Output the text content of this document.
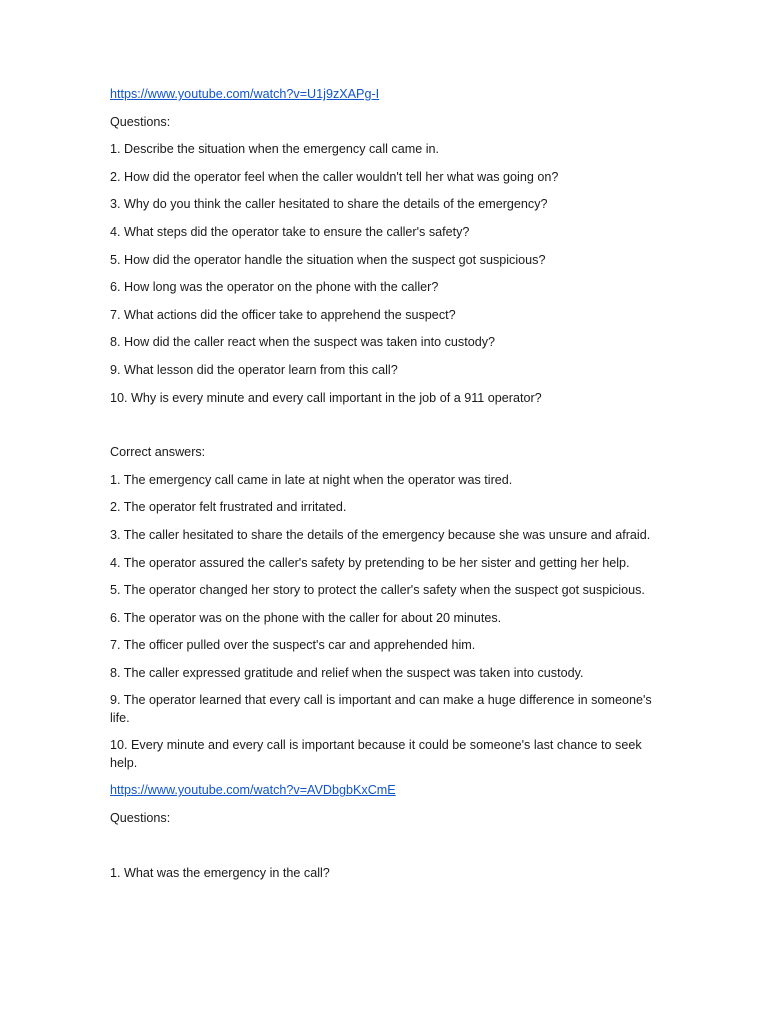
https://www.youtube.com/watch?v=U1j9zXAPg-I

Questions:

1. Describe the situation when the emergency call came in.

2. How did the operator feel when the caller wouldn't tell her what was going on?

3. Why do you think the caller hesitated to share the details of the emergency?

4. What steps did the operator take to ensure the caller's safety?

5. How did the operator handle the situation when the suspect got suspicious?

6. How long was the operator on the phone with the caller?

7. What actions did the officer take to apprehend the suspect?

8. How did the caller react when the suspect was taken into custody?

9. What lesson did the operator learn from this call?

10. Why is every minute and every call important in the job of a 911 operator?

Correct answers:

1. The emergency call came in late at night when the operator was tired.

2. The operator felt frustrated and irritated.

3. The caller hesitated to share the details of the emergency because she was unsure and afraid.

4. The operator assured the caller's safety by pretending to be her sister and getting her help.

5. The operator changed her story to protect the caller's safety when the suspect got suspicious.

6. The operator was on the phone with the caller for about 20 minutes.

7. The officer pulled over the suspect's car and apprehended him.

8. The caller expressed gratitude and relief when the suspect was taken into custody.

9. The operator learned that every call is important and can make a huge difference in someone's life.

10. Every minute and every call is important because it could be someone's last chance to seek help.

https://www.youtube.com/watch?v=AVDbgbKxCmE

Questions:

1. What was the emergency in the call?
